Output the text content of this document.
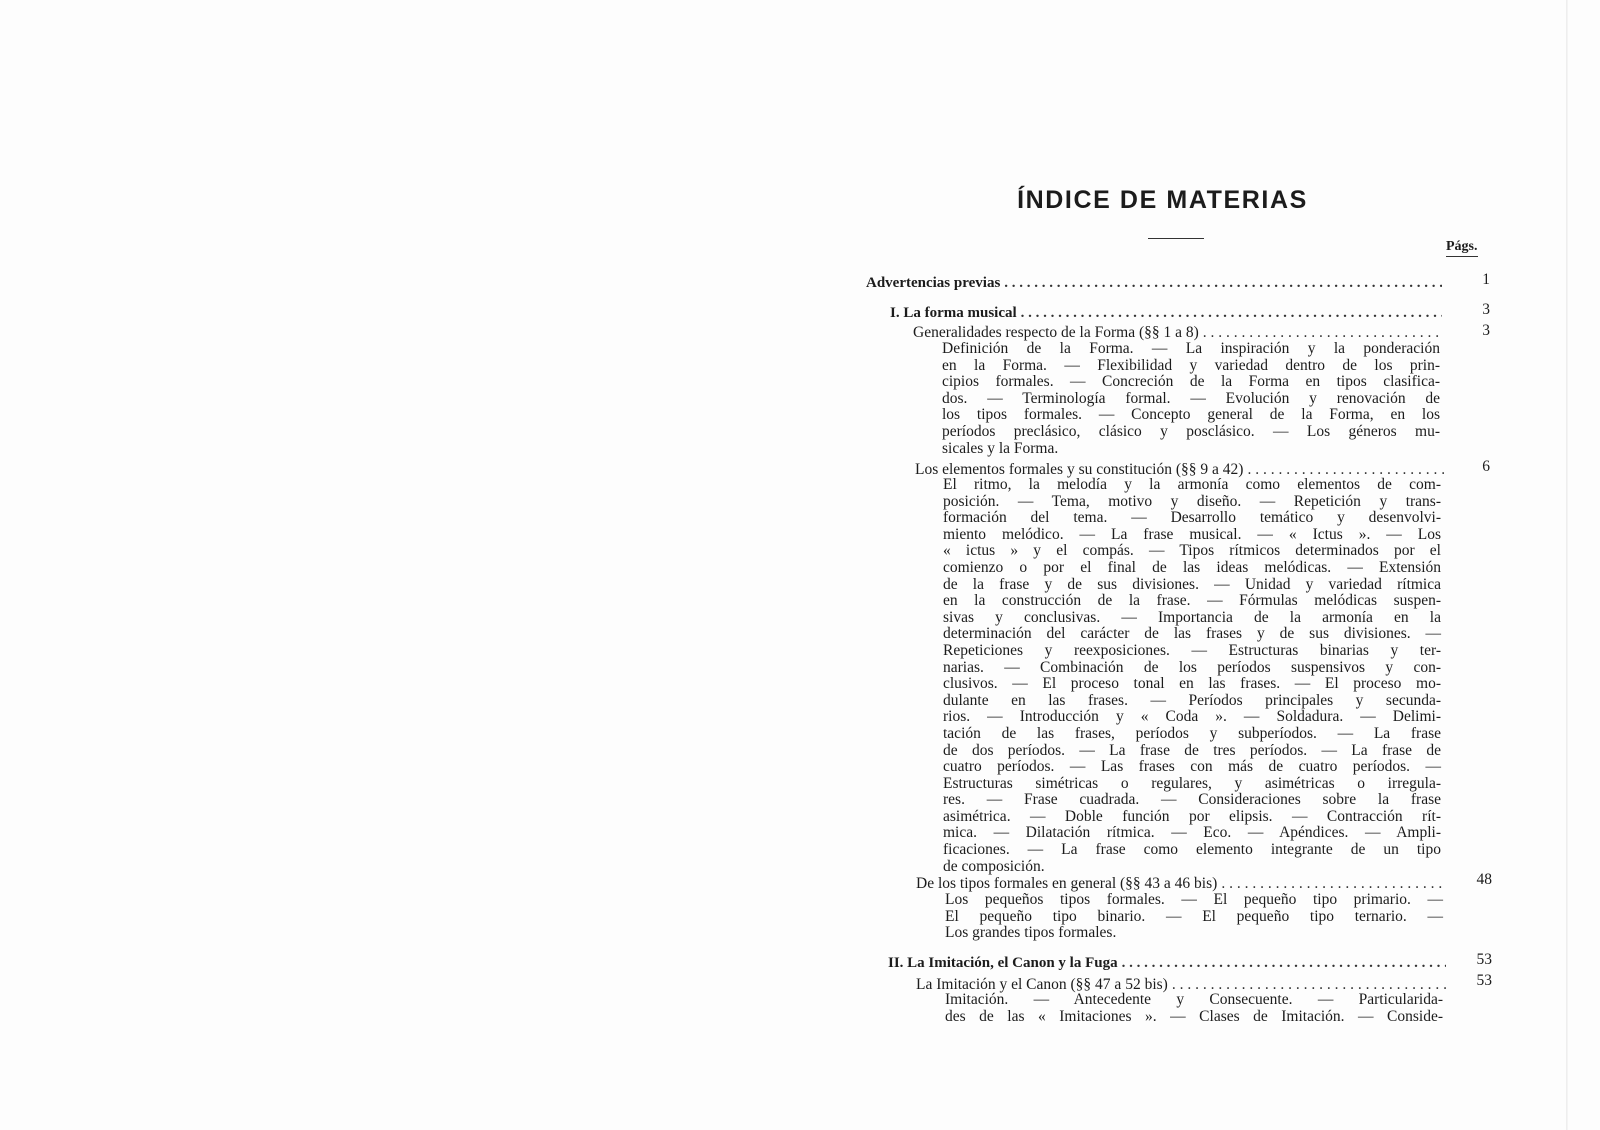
ÍNDICE DE MATERIAS
Págs.
Advertencias previas . . .	1
I. La forma musical . . .	3
Generalidades respecto de la Forma (§§ 1 a 8) . . .	3
Definición de la Forma. — La inspiración y la ponderación
en la Forma. — Flexibilidad y variedad dentro de los prin-
cipios formales. — Concreción de la Forma en tipos clasifica-
dos. — Terminología formal. — Evolución y renovación de
los tipos formales. — Concepto general de la Forma, en los
períodos preclásico, clásico y posclásico. — Los géneros mu-
sicales y la Forma.
Los elementos formales y su constitución (§§ 9 a 42) . . .	6
El ritmo, la melodía y la armonía como elementos de com-
posición. — Tema, motivo y diseño. — Repetición y trans-
formación del tema. — Desarrollo temático y desenvolvi-
miento melódico. — La frase musical. — « Ictus ». — Los
« ictus » y el compás. — Tipos rítmicos determinados por el
comienzo o por el final de las ideas melódicas. — Extensión
de la frase y de sus divisiones. — Unidad y variedad rítmica
en la construcción de la frase. — Fórmulas melódicas suspen-
sivas y conclusivas. — Importancia de la armonía en la
determinación del carácter de las frases y de sus divisiones. —
Repeticiones y reexposiciones. — Estructuras binarias y ter-
narias. — Combinación de los períodos suspensivos y con-
clusivos. — El proceso tonal en las frases. — El proceso mo-
dulante en las frases. — Períodos principales y secunda-
rios. — Introducción y « Coda ». — Soldadura. — Delimi-
tación de las frases, períodos y subperíodos. — La frase
de dos períodos. — La frase de tres períodos. — La frase de
cuatro períodos. — Las frases con más de cuatro períodos. —
Estructuras simétricas o regulares, y asimétricas o irregula-
res. — Frase cuadrada. — Consideraciones sobre la frase
asimétrica. — Doble función por elipsis. — Contracción rít-
mica. — Dilatación rítmica. — Eco. — Apéndices. — Ampli-
ficaciones. — La frase como elemento integrante de un tipo
de composición.
De los tipos formales en general (§§ 43 a 46 bis) . . .	48
Los pequeños tipos formales. — El pequeño tipo primario. —
El pequeño tipo binario. — El pequeño tipo ternario. —
Los grandes tipos formales.
II. La Imitación, el Canon y la Fuga . . .	53
La Imitación y el Canon (§§ 47 a 52 bis) . . .	53
Imitación. — Antecedente y Consecuente. — Particularida-
des de las « Imitaciones ». — Clases de Imitación. — Conside-
